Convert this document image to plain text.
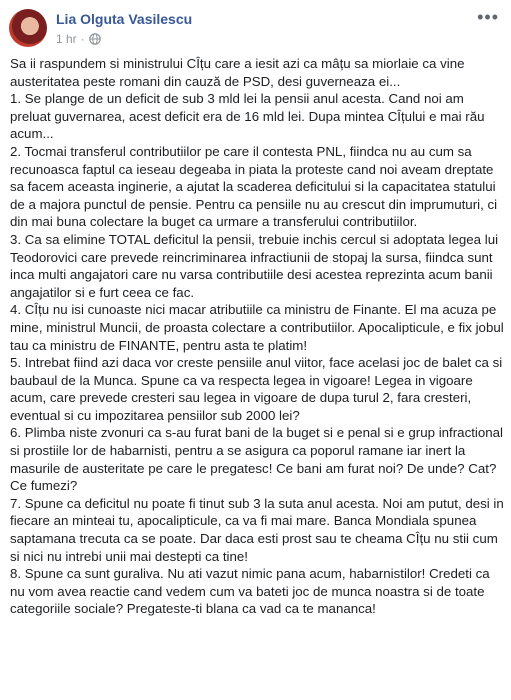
Lia Olguta Vasilescu
1 hr ·
•••

Sa ii raspundem si ministrului CÎțu care a iesit azi ca mâțu sa miorlaie ca vine austeritatea peste romani din cauză de PSD, desi guverneaza ei...

1. Se plange de un deficit de sub 3 mld lei la pensii anul acesta. Cand noi am preluat guvernarea, acest deficit era de 16 mld lei. Dupa mintea CÎțului e mai rău acum...

2. Tocmai transferul contributiilor pe care il contesta PNL, fiindca nu au cum sa recunoasca faptul ca ieseau degeaba in piata la proteste cand noi aveam dreptate sa facem aceasta inginerie, a ajutat la scaderea deficitului si la capacitatea statului de a majora punctul de pensie. Pentru ca pensiile nu au crescut din imprumuturi, ci din mai buna colectare la buget ca urmare a transferului contributiilor.

3. Ca sa elimine TOTAL deficitul la pensii, trebuie inchis cercul si adoptata legea lui Teodorovici care prevede reincriminarea infractiunii de stopaj la sursa, fiindca sunt inca multi angajatori care nu varsa contributiile desi acestea reprezinta acum banii angajatilor si e furt ceea ce fac.

4. CÎțu nu isi cunoaste nici macar atributiile ca ministru de Finante. El ma acuza pe mine, ministrul Muncii, de proasta colectare a contributiilor. Apocalipticule, e fix jobul tau ca ministru de FINANTE, pentru asta te platim!

5. Intrebat fiind azi daca vor creste pensiile anul viitor, face acelasi joc de balet ca si baubaul de la Munca. Spune ca va respecta legea in vigoare! Legea in vigoare acum, care prevede cresteri sau legea in vigoare de dupa turul 2, fara cresteri, eventual si cu impozitarea pensiilor sub 2000 lei?

6. Plimba niste zvonuri ca s-au furat bani de la buget si e penal si e grup infractional si prostiile lor de habarnisti, pentru a se asigura ca poporul ramane iar inert la masurile de austeritate pe care le pregatesc! Ce bani am furat noi? De unde? Cat? Ce fumezi?

7. Spune ca deficitul nu poate fi tinut sub 3 la suta anul acesta. Noi am putut, desi in fiecare an minteai tu, apocalipticule, ca va fi mai mare. Banca Mondiala spunea saptamana trecuta ca se poate. Dar daca esti prost sau te cheama CÎțu nu stii cum si nici nu intrebi unii mai destepti ca tine!

8. Spune ca sunt guraliva. Nu ati vazut nimic pana acum, habarnistilor! Credeti ca nu vom avea reactie cand vedem cum va bateti joc de munca noastra si de toate categoriile sociale? Pregateste-ti blana ca vad ca te mananca!
